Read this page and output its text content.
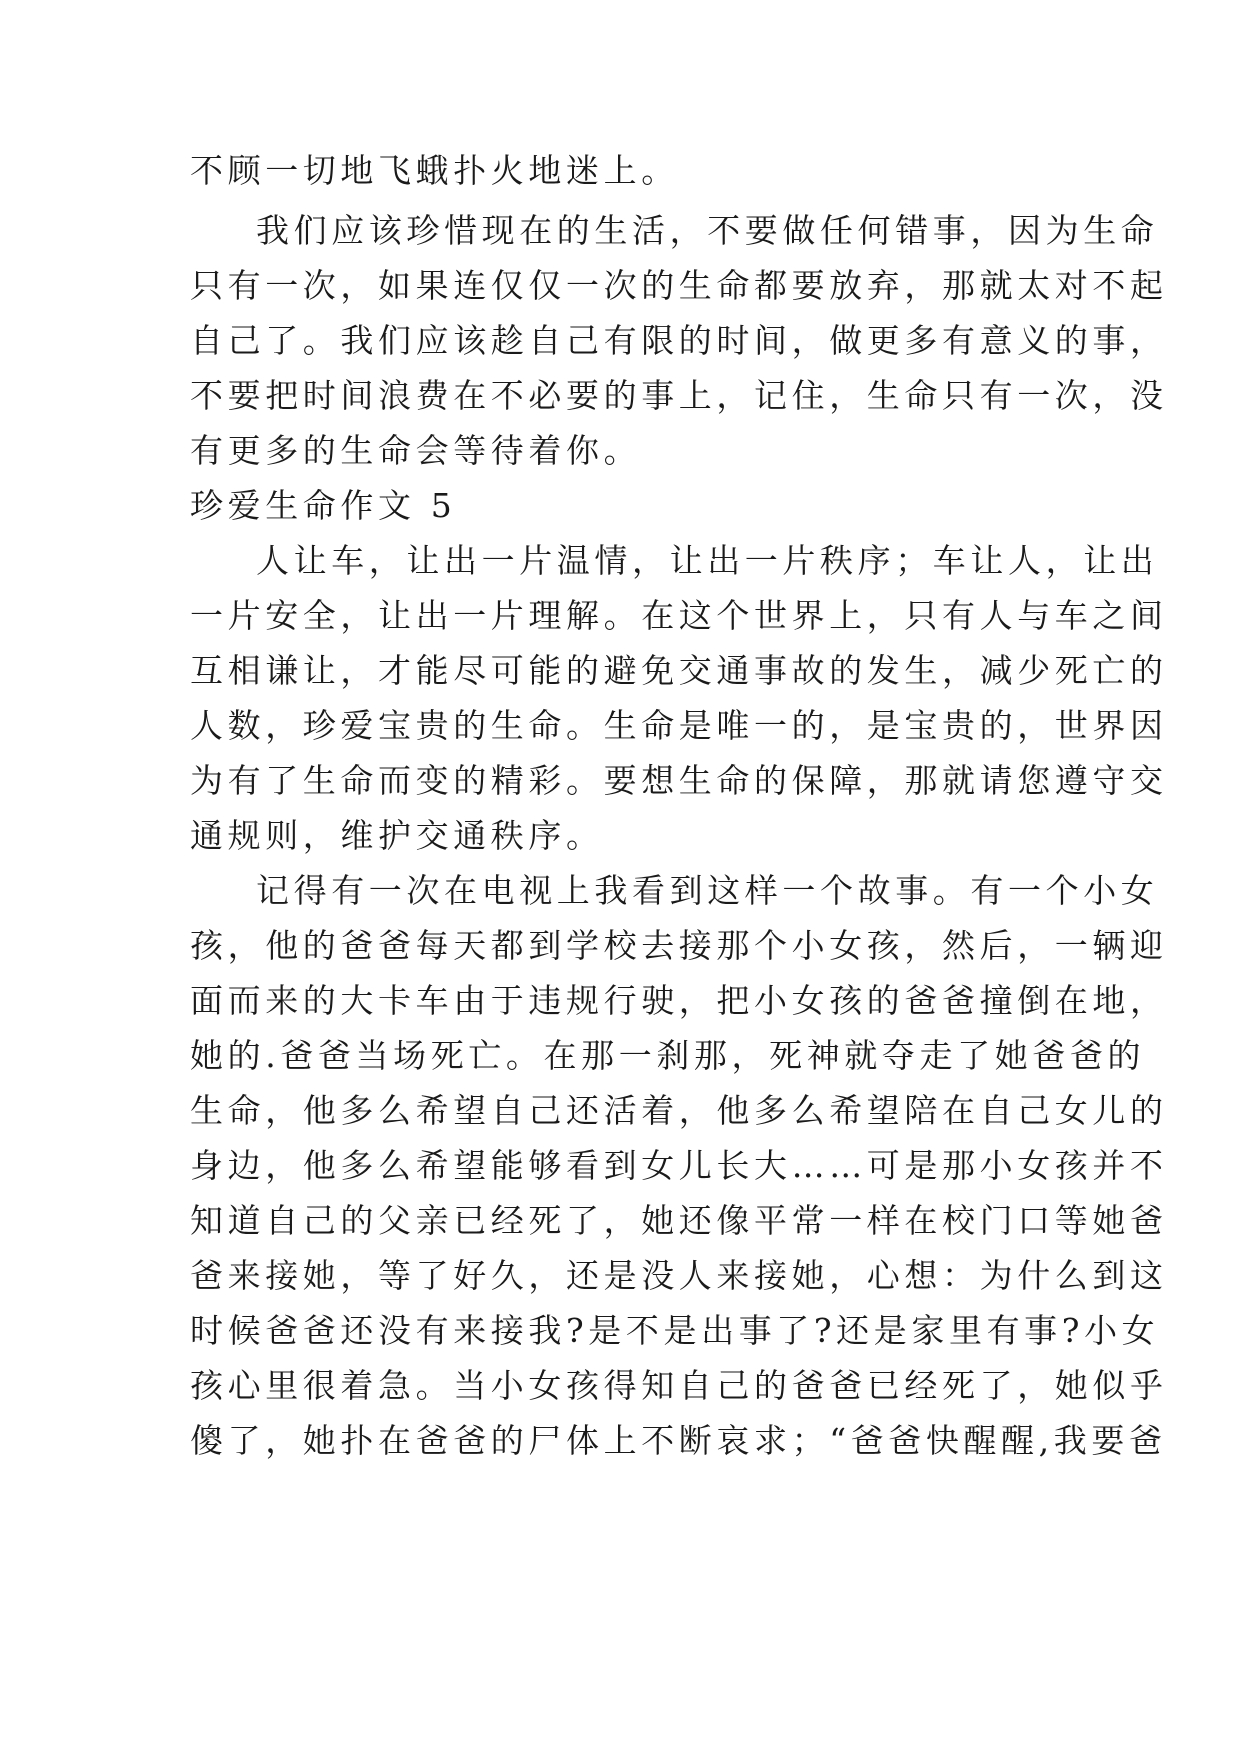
不顾一切地飞蛾扑火地迷上。
我们应该珍惜现在的生活，不要做任何错事，因为生命
只有一次，如果连仅仅一次的生命都要放弃，那就太对不起
自己了。我们应该趁自己有限的时间，做更多有意义的事，
不要把时间浪费在不必要的事上，记住，生命只有一次，没
有更多的生命会等待着你。
珍爱生命作文 5
人让车，让出一片温情，让出一片秩序；车让人，让出
一片安全，让出一片理解。在这个世界上，只有人与车之间
互相谦让，才能尽可能的避免交通事故的发生，减少死亡的
人数，珍爱宝贵的生命。生命是唯一的，是宝贵的，世界因
为有了生命而变的精彩。要想生命的保障，那就请您遵守交
通规则，维护交通秩序。
记得有一次在电视上我看到这样一个故事。有一个小女
孩，他的爸爸每天都到学校去接那个小女孩，然后，一辆迎
面而来的大卡车由于违规行驶，把小女孩的爸爸撞倒在地，
她的.爸爸当场死亡。在那一刹那，死神就夺走了她爸爸的
生命，他多么希望自己还活着，他多么希望陪在自己女儿的
身边，他多么希望能够看到女儿长大……可是那小女孩并不
知道自己的父亲已经死了，她还像平常一样在校门口等她爸
爸来接她，等了好久，还是没人来接她，心想：为什么到这
时候爸爸还没有来接我?是不是出事了?还是家里有事?小女
孩心里很着急。当小女孩得知自己的爸爸已经死了，她似乎
傻了，她扑在爸爸的尸体上不断哀求；“爸爸快醒醒,我要爸
